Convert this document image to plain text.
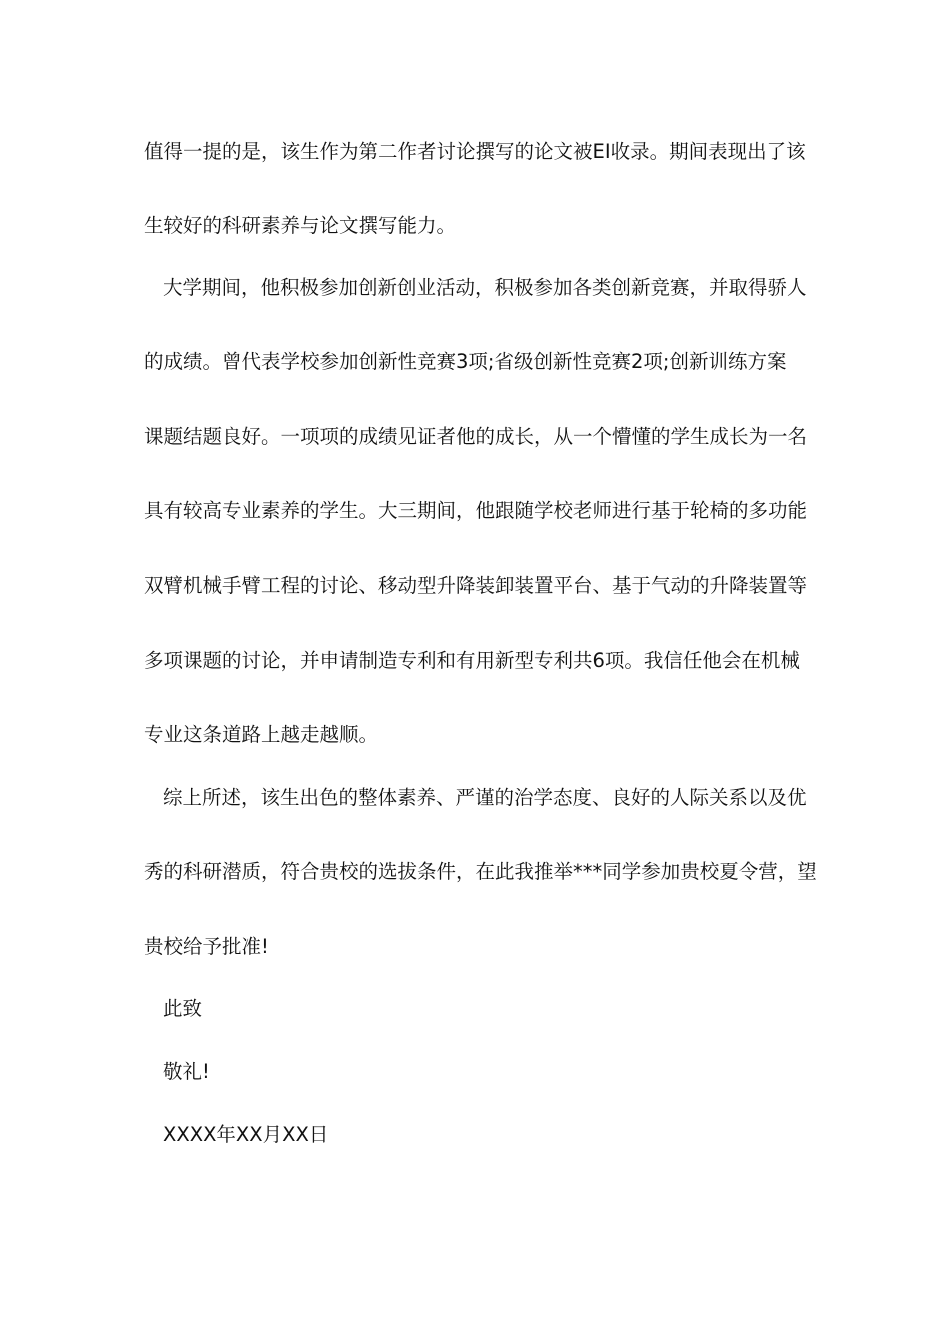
值得一提的是，该生作为第二作者讨论撰写的论文被EI收录。期间表现出了该
生较好的科研素养与论文撰写能力。
大学期间，他积极参加创新创业活动，积极参加各类创新竞赛，并取得骄人
的成绩。曾代表学校参加创新性竞赛3项;省级创新性竞赛2项;创新训练方案
课题结题良好。一项项的成绩见证者他的成长，从一个懵懂的学生成长为一名
具有较高专业素养的学生。大三期间，他跟随学校老师进行基于轮椅的多功能
双臂机械手臂工程的讨论、移动型升降装卸装置平台、基于气动的升降装置等
多项课题的讨论，并申请制造专利和有用新型专利共6项。我信任他会在机械
专业这条道路上越走越顺。
综上所述，该生出色的整体素养、严谨的治学态度、良好的人际关系以及优
秀的科研潜质，符合贵校的选拔条件，在此我推举***同学参加贵校夏令营，望
贵校给予批准!
此致
敬礼!
XXXX年XX月XX日
